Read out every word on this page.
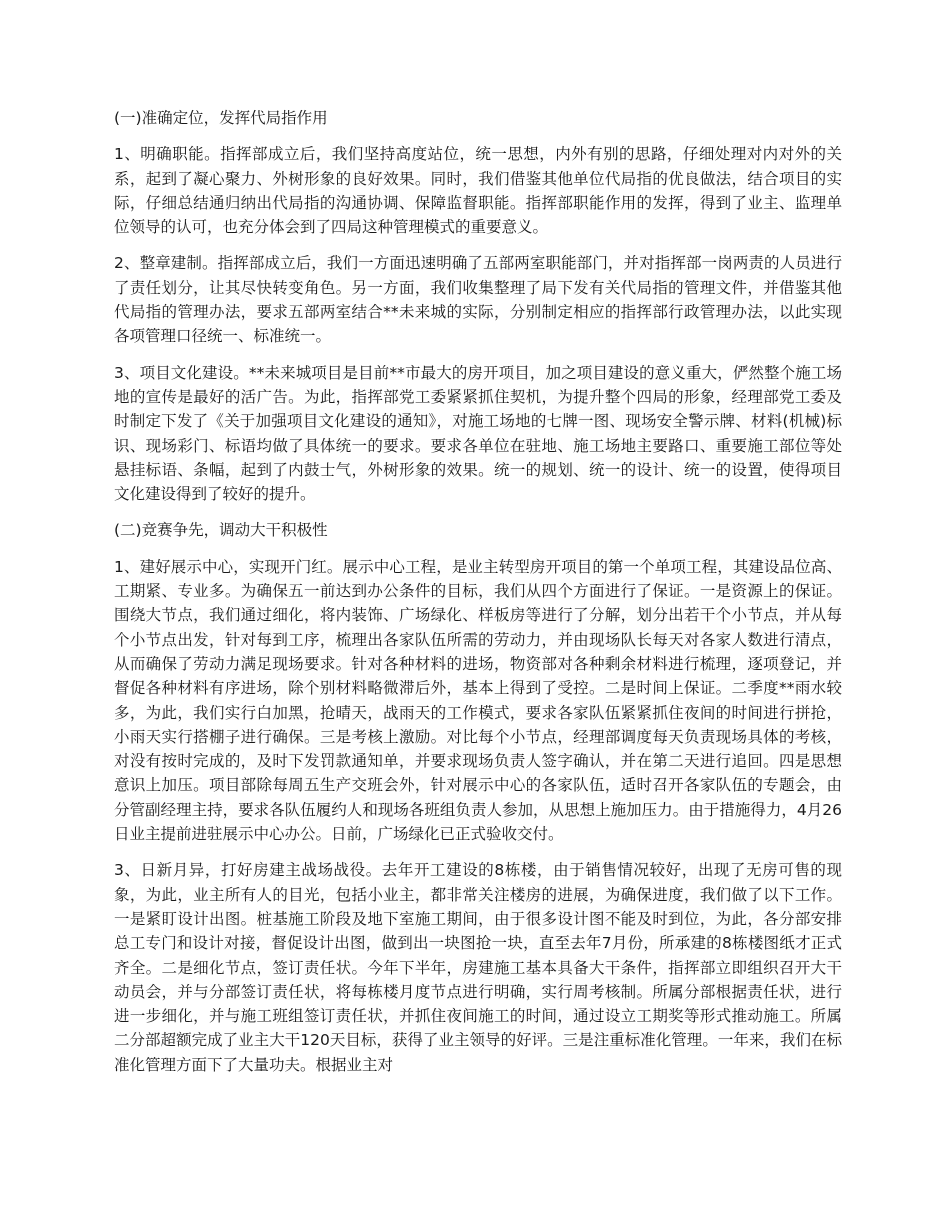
(一)准确定位，发挥代局指作用

1、明确职能。指挥部成立后，我们坚持高度站位，统一思想，内外有别的思路，仔细处理对内对外的关系，起到了凝心聚力、外树形象的良好效果。同时，我们借鉴其他单位代局指的优良做法，结合项目的实际，仔细总结通归纳出代局指的沟通协调、保障监督职能。指挥部职能作用的发挥，得到了业主、监理单位领导的认可，也充分体会到了四局这种管理模式的重要意义。

2、整章建制。指挥部成立后，我们一方面迅速明确了五部两室职能部门，并对指挥部一岗两责的人员进行了责任划分，让其尽快转变角色。另一方面，我们收集整理了局下发有关代局指的管理文件，并借鉴其他代局指的管理办法，要求五部两室结合**未来城的实际，分别制定相应的指挥部行政管理办法，以此实现各项管理口径统一、标准统一。

3、项目文化建设。**未来城项目是目前**市最大的房开项目，加之项目建设的意义重大，俨然整个施工场地的宣传是最好的活广告。为此，指挥部党工委紧紧抓住契机，为提升整个四局的形象，经理部党工委及时制定下发了《关于加强项目文化建设的通知》，对施工场地的七牌一图、现场安全警示牌、材料(机械)标识、现场彩门、标语均做了具体统一的要求。要求各单位在驻地、施工场地主要路口、重要施工部位等处悬挂标语、条幅，起到了内鼓士气，外树形象的效果。统一的规划、统一的设计、统一的设置，使得项目文化建设得到了较好的提升。

(二)竞赛争先，调动大干积极性

1、建好展示中心，实现开门红。展示中心工程，是业主转型房开项目的第一个单项工程，其建设品位高、工期紧、专业多。为确保五一前达到办公条件的目标，我们从四个方面进行了保证。一是资源上的保证。围绕大节点，我们通过细化，将内装饰、广场绿化、样板房等进行了分解，划分出若干个小节点，并从每个小节点出发，针对每到工序，梳理出各家队伍所需的劳动力，并由现场队长每天对各家人数进行清点，从而确保了劳动力满足现场要求。针对各种材料的进场，物资部对各种剩余材料进行梳理，逐项登记，并督促各种材料有序进场，除个别材料略微滞后外，基本上得到了受控。二是时间上保证。二季度**雨水较多，为此，我们实行白加黑，抢晴天，战雨天的工作模式，要求各家队伍紧紧抓住夜间的时间进行拼抢，小雨天实行搭棚子进行确保。三是考核上激励。对比每个小节点，经理部调度每天负责现场具体的考核，对没有按时完成的，及时下发罚款通知单，并要求现场负责人签字确认，并在第二天进行追回。四是思想意识上加压。项目部除每周五生产交班会外，针对展示中心的各家队伍，适时召开各家队伍的专题会，由分管副经理主持，要求各队伍履约人和现场各班组负责人参加，从思想上施加压力。由于措施得力，4月26日业主提前进驻展示中心办公。日前，广场绿化已正式验收交付。

3、日新月异，打好房建主战场战役。去年开工建设的8栋楼，由于销售情况较好，出现了无房可售的现象，为此，业主所有人的目光，包括小业主，都非常关注楼房的进展，为确保进度，我们做了以下工作。一是紧盯设计出图。桩基施工阶段及地下室施工期间，由于很多设计图不能及时到位，为此，各分部安排总工专门和设计对接，督促设计出图，做到出一块图抢一块，直至去年7月份，所承建的8栋楼图纸才正式齐全。二是细化节点，签订责任状。今年下半年，房建施工基本具备大干条件，指挥部立即组织召开大干动员会，并与分部签订责任状，将每栋楼月度节点进行明确，实行周考核制。所属分部根据责任状，进行进一步细化，并与施工班组签订责任状，并抓住夜间施工的时间，通过设立工期奖等形式推动施工。所属二分部超额完成了业主大干120天目标，获得了业主领导的好评。三是注重标准化管理。一年来，我们在标准化管理方面下了大量功夫。根据业主对
